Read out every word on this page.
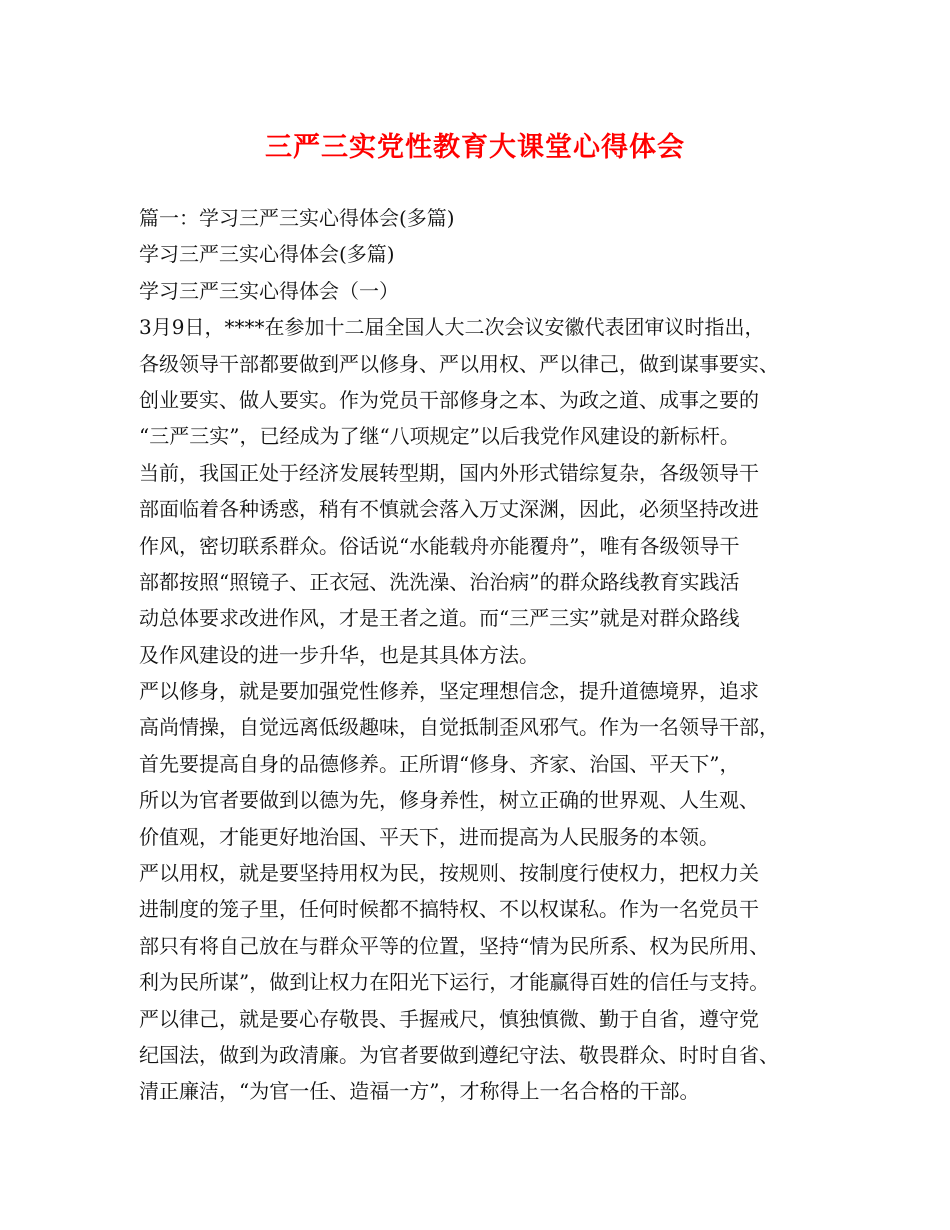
三严三实党性教育大课堂心得体会
篇一：学习三严三实心得体会(多篇)
学习三严三实心得体会(多篇)
学习三严三实心得体会（一）
3月9日，****在参加十二届全国人大二次会议安徽代表团审议时指出，
各级领导干部都要做到严以修身、严以用权、严以律己，做到谋事要实、
创业要实、做人要实。作为党员干部修身之本、为政之道、成事之要的
“三严三实”，已经成为了继“八项规定”以后我党作风建设的新标杆。
当前，我国正处于经济发展转型期，国内外形式错综复杂，各级领导干
部面临着各种诱惑，稍有不慎就会落入万丈深渊，因此，必须坚持改进
作风，密切联系群众。俗话说“水能载舟亦能覆舟”，唯有各级领导干
部都按照“照镜子、正衣冠、洗洗澡、治治病”的群众路线教育实践活
动总体要求改进作风，才是王者之道。而“三严三实”就是对群众路线
及作风建设的进一步升华，也是其具体方法。
严以修身，就是要加强党性修养，坚定理想信念，提升道德境界，追求
高尚情操，自觉远离低级趣味，自觉抵制歪风邪气。作为一名领导干部，
首先要提高自身的品德修养。正所谓“修身、齐家、治国、平天下”，
所以为官者要做到以德为先，修身养性，树立正确的世界观、人生观、
价值观，才能更好地治国、平天下，进而提高为人民服务的本领。
严以用权，就是要坚持用权为民，按规则、按制度行使权力，把权力关
进制度的笼子里，任何时候都不搞特权、不以权谋私。作为一名党员干
部只有将自己放在与群众平等的位置，坚持“情为民所系、权为民所用、
利为民所谋”，做到让权力在阳光下运行，才能赢得百姓的信任与支持。
严以律己，就是要心存敬畏、手握戒尺，慎独慎微、勤于自省，遵守党
纪国法，做到为政清廉。为官者要做到遵纪守法、敬畏群众、时时自省、
清正廉洁，“为官一任、造福一方”，才称得上一名合格的干部。
